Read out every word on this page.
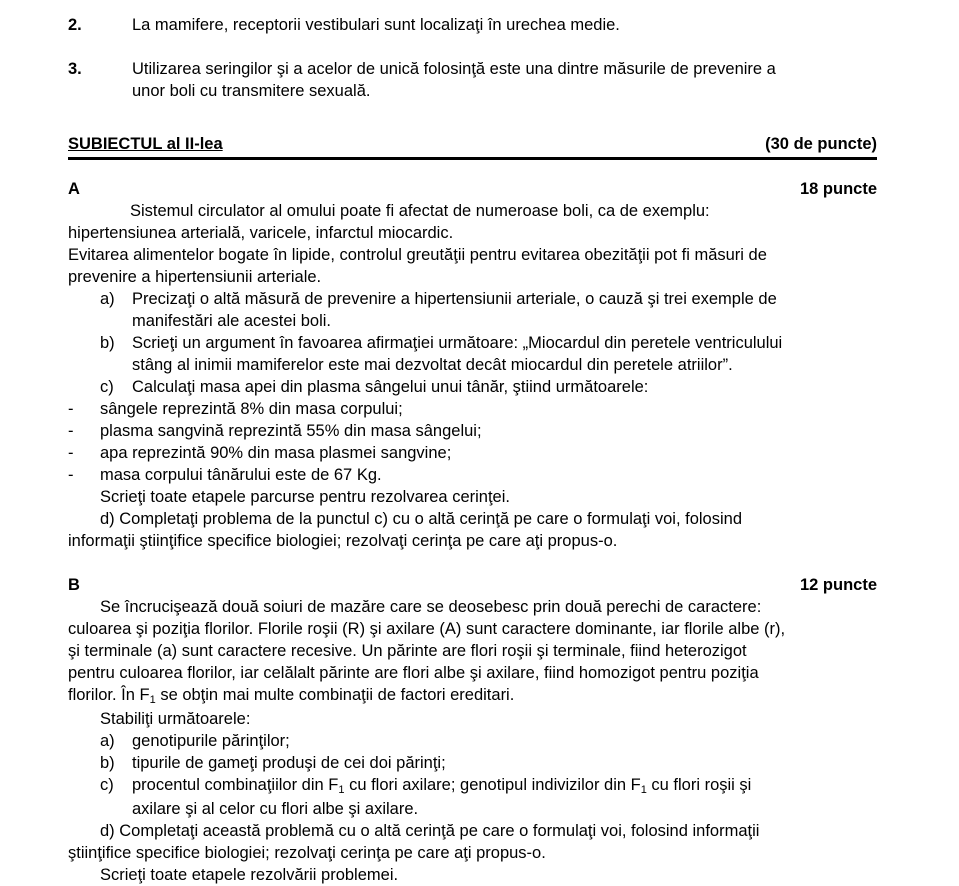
2.	La mamifere, receptorii vestibulari sunt localizaţi în urechea medie.
3.	Utilizarea seringilor şi a acelor de unică folosinţă este una dintre măsurile de prevenire a
unor boli cu transmitere sexuală.
SUBIECTUL al II-lea	(30 de puncte)
A	18 puncte
Sistemul circulator al omului poate fi afectat de numeroase boli, ca de exemplu:
hipertensiunea arterială, varicele, infarctul miocardic.
Evitarea alimentelor bogate în lipide, controlul greutăţii pentru evitarea obezităţii pot fi măsuri de
prevenire a hipertensiunii arteriale.
a)	Precizaţi o altă măsură de prevenire a hipertensiunii arteriale, o cauză şi trei exemple de
manifestări ale acestei boli.
b)	Scrieţi un argument în favoarea afirmaţiei următoare: „Miocardul din peretele ventriculului
stâng al inimii mamiferelor este mai dezvoltat decât miocardul din peretele atriilor”.
c)	Calculaţi masa apei din plasma sângelui unui tânăr, ştiind următoarele:
-	sângele reprezintă 8% din masa corpului;
-	plasma sangvină reprezintă 55% din masa sângelui;
-	apa reprezintă 90% din masa plasmei sangvine;
-	masa corpului tânărului este de 67 Kg.
Scrieţi toate etapele parcurse pentru rezolvarea cerinţei.
d) Completaţi problema de la punctul c) cu o altă cerinţă pe care o formulaţi voi, folosind
informaţii ştiinţifice specifice biologiei; rezolvaţi cerinţa pe care aţi propus-o.
B	12 puncte
Se încrucişează două soiuri de mazăre care se deosebesc prin două perechi de caractere:
culoarea şi poziţia florilor. Florile roşii (R) şi axilare (A) sunt caractere dominante, iar florile albe (r),
şi terminale (a) sunt caractere recesive. Un părinte are flori roşii şi terminale, fiind heterozigot
pentru culoarea florilor, iar celălalt părinte are flori albe şi axilare, fiind homozigot pentru poziţia
florilor. În $F_1$ se obţin mai multe combinaţii de factori ereditari.
Stabiliţi următoarele:
a)	genotipurile părinţilor;
b)	tipurile de gameţi produşi de cei doi părinţi;
c)	procentul combinaţiilor din $F_1$ cu flori axilare; genotipul indivizilor din $F_1$ cu flori roşii şi
axilare şi al celor cu flori albe şi axilare.
d) Completaţi această problemă cu o altă cerinţă pe care o formulaţi voi, folosind informaţii
ştiinţifice specifice biologiei; rezolvaţi cerinţa pe care aţi propus-o.
Scrieţi toate etapele rezolvării problemei.
